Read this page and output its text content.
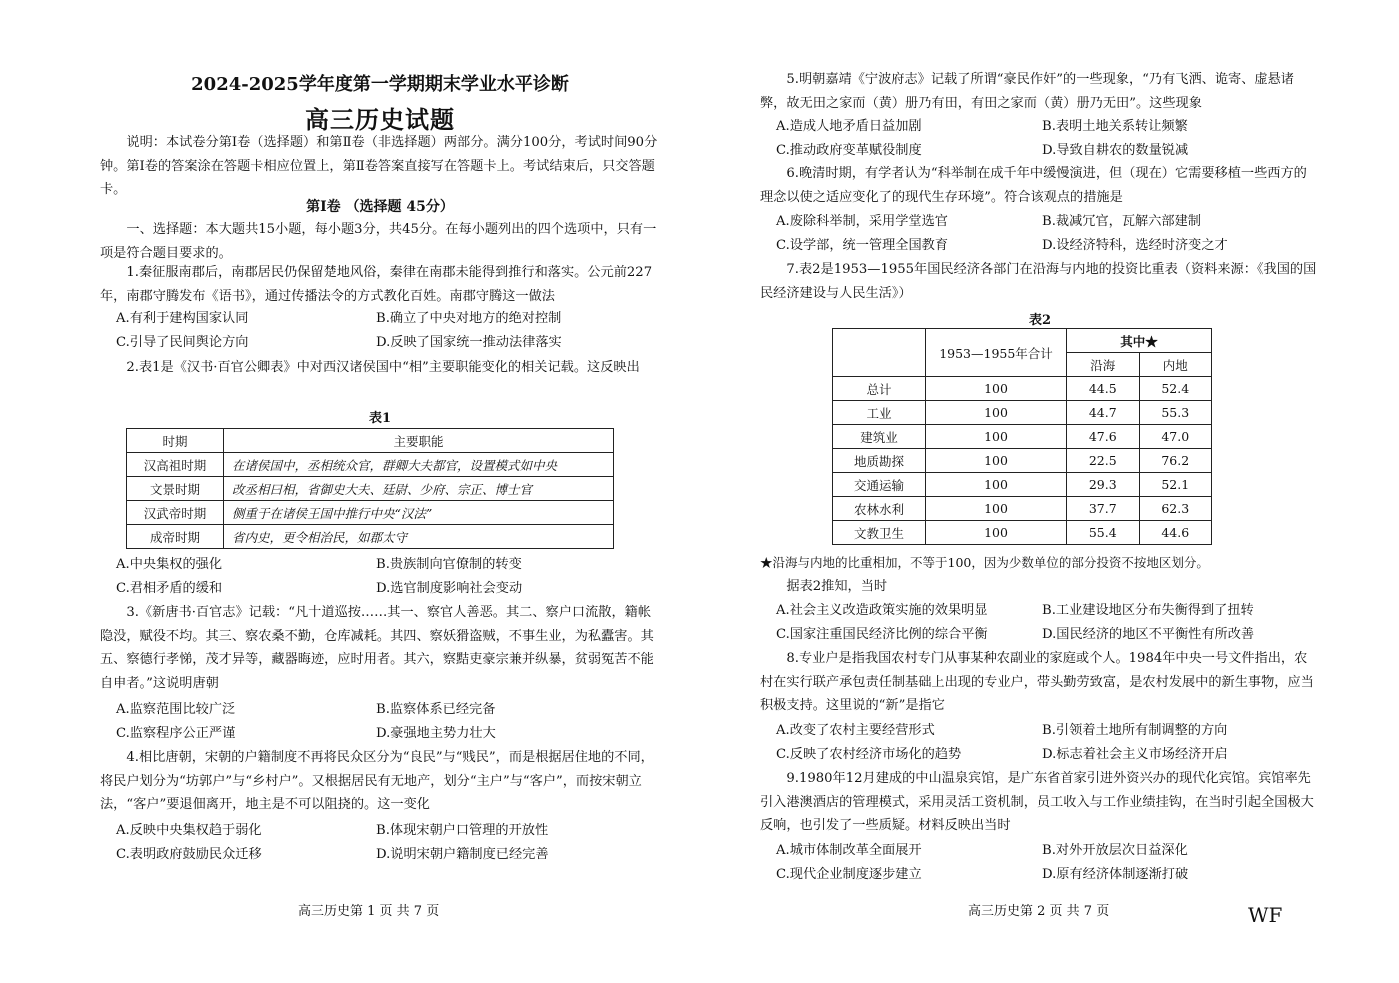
2024-2025学年度第一学期期末学业水平诊断
高三历史试题

说明：本试卷分第Ⅰ卷（选择题）和第Ⅱ卷（非选择题）两部分。满分100分，考试时间90分钟。第Ⅰ卷的答案涂在答题卡相应位置上，第Ⅱ卷答案直接写在答题卡上。考试结束后，只交答题卡。

第Ⅰ卷 （选择题 45分）

一、选择题：本大题共15小题，每小题3分，共45分。在每小题列出的四个选项中，只有一项是符合题目要求的。

1.秦征服南郡后，南郡居民仍保留楚地风俗，秦律在南郡未能得到推行和落实。公元前227年，南郡守腾发布《语书》，通过传播法令的方式教化百姓。南郡守腾这一做法

A.有利于建构国家认同	B.确立了中央对地方的绝对控制
C.引导了民间舆论方向	D.反映了国家统一推动法律落实

2.表1是《汉书·百官公卿表》中对西汉诸侯国中“相”主要职能变化的相关记载。这反映出

表1
时期	主要职能
汉高祖时期	在诸侯国中，丞相统众官，群卿大夫都官，设置模式如中央
文景时期	改丞相曰相，省御史大夫、廷尉、少府、宗正、博士官
汉武帝时期	侧重于在诸侯王国中推行中央“汉法”
成帝时期	省内史，更令相治民，如郡太守
A.中央集权的强化	B.贵族制向官僚制的转变
C.君相矛盾的缓和	D.选官制度影响社会变动

3.《新唐书·百官志》记载：“凡十道巡按……其一、察官人善恶。其二、察户口流散，籍帐隐没，赋役不均。其三、察农桑不勤，仓库减耗。其四、察妖猾盗贼，不事生业，为私蠹害。其五、察德行孝悌，茂才异等，藏器晦迹，应时用者。其六，察黠吏豪宗兼并纵暴，贫弱冤苦不能自申者。”这说明唐朝

A.监察范围比较广泛	B.监察体系已经完备
C.监察程序公正严谨	D.豪强地主势力壮大

4.相比唐朝，宋朝的户籍制度不再将民众区分为“良民”与“贱民”，而是根据居住地的不同，将民户划分为“坊郭户”与“乡村户”。又根据居民有无地产，划分“主户”与“客户”，而按宋朝立法，“客户”要退佃离开，地主是不可以阻挠的。这一变化

A.反映中央集权趋于弱化	B.体现宋朝户口管理的开放性
C.表明政府鼓励民众迁移	D.说明宋朝户籍制度已经完善
高三历史第 1 页 共 7 页

5.明朝嘉靖《宁波府志》记载了所谓“豪民作奸”的一些现象，“乃有飞洒、诡寄、虚悬诸弊，故无田之家而（黄）册乃有田，有田之家而（黄）册乃无田”。这些现象

A.造成人地矛盾日益加剧	B.表明土地关系转让频繁
C.推动政府变革赋役制度	D.导致自耕农的数量锐减

6.晚清时期，有学者认为“科举制在成千年中缓慢演进，但（现在）它需要移植一些西方的理念以使之适应变化了的现代生存环境”。符合该观点的措施是

A.废除科举制，采用学堂选官	B.裁减冗官，瓦解六部建制
C.设学部，统一管理全国教育	D.设经济特科，选经时济变之才

7.表2是1953—1955年国民经济各部门在沿海与内地的投资比重表（资料来源：《我国的国民经济建设与人民生活》）

表2
	1953—1955年合计	其中★	
		沿海	内地
总计	100	44.5	52.4
工业	100	44.7	55.3
建筑业	100	47.6	47.0
地质勘探	100	22.5	76.2
交通运输	100	29.3	52.1
农林水利	100	37.7	62.3
文教卫生	100	55.4	44.6

★沿海与内地的比重相加，不等于100，因为少数单位的部分投资不按地区划分。

据表2推知，当时

A.社会主义改造政策实施的效果明显	B.工业建设地区分布失衡得到了扭转
C.国家注重国民经济比例的综合平衡	D.国民经济的地区不平衡性有所改善

8.专业户是指我国农村专门从事某种农副业的家庭或个人。1984年中央一号文件指出，农村在实行联产承包责任制基础上出现的专业户，带头勤劳致富，是农村发展中的新生事物，应当积极支持。这里说的“新”是指它

A.改变了农村主要经营形式	B.引领着土地所有制调整的方向
C.反映了农村经济市场化的趋势	D.标志着社会主义市场经济开启

9.1980年12月建成的中山温泉宾馆，是广东省首家引进外资兴办的现代化宾馆。宾馆率先引入港澳酒店的管理模式，采用灵活工资机制，员工收入与工作业绩挂钩，在当时引起全国极大反响，也引发了一些质疑。材料反映出当时

A.城市体制改革全面展开	B.对外开放层次日益深化
C.现代企业制度逐步建立	D.原有经济体制逐渐打破
高三历史第 2 页 共 7 页	WF
